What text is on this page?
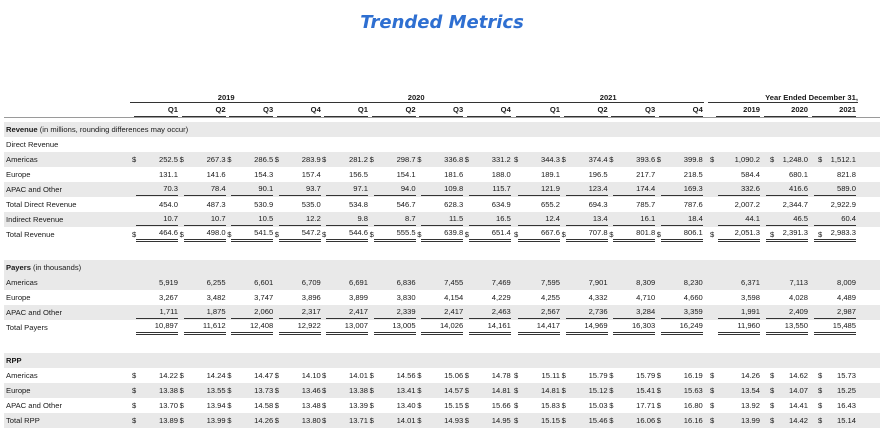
Trended Metrics
2019	2020	2021	Year Ended December 31,
Q1	Q2	Q3	Q4	Q1	Q2	Q3	Q4	Q1	Q2	Q3	Q4	2019	2020	2021
Revenue (in millions, rounding differences may occur)
Direct Revenue
Americas	$	252.5 $	267.3 $	286.5 $	283.9 $	281.2 $	298.7 $	336.8 $	331.2 $	344.3 $	374.4 $	393.6 $	399.8 $	1,090.2 $	1,248.0 $	1,512.1
Europe	131.1	141.6	154.3	157.4	156.5	154.1	181.6	188.0	189.1	196.5	217.7	218.5	584.4	680.1	821.8
APAC and Other	70.3	78.4	90.1	93.7	97.1	94.0	109.8	115.7	121.9	123.4	174.4	169.3	332.6	416.6	589.0
Total Direct Revenue	454.0	487.3	530.9	535.0	534.8	546.7	628.3	634.9	655.2	694.3	785.7	787.6	2,007.2	2,344.7	2,922.9
Indirect Revenue	10.7	10.7	10.5	12.2	9.8	8.7	11.5	16.5	12.4	13.4	16.1	18.4	44.1	46.5	60.4
Total Revenue	$	464.6 $	498.0 $	541.5 $	547.2 $	544.6 $	555.5 $	639.8 $	651.4 $	667.6 $	707.8 $	801.8 $	806.1 $	2,051.3 $	2,391.3 $	2,983.3
Payers (in thousands)
Americas	5,919	6,255	6,601	6,709	6,691	6,836	7,455	7,469	7,595	7,901	8,309	8,230	6,371	7,113	8,009
Europe	3,267	3,482	3,747	3,896	3,899	3,830	4,154	4,229	4,255	4,332	4,710	4,660	3,598	4,028	4,489
APAC and Other	1,711	1,875	2,060	2,317	2,417	2,339	2,417	2,463	2,567	2,736	3,284	3,359	1,991	2,409	2,987
Total Payers	10,897	11,612	12,408	12,922	13,007	13,005	14,026	14,161	14,417	14,969	16,303	16,249	11,960	13,550	15,485
RPP
Americas	$	14.22 $	14.24 $	14.47 $	14.10 $	14.01 $	14.56 $	15.06 $	14.78 $	15.11 $	15.79 $	15.79 $	16.19 $	14.26 $	14.62 $	15.73
Europe	$	13.38 $	13.55 $	13.73 $	13.46 $	13.38 $	13.41 $	14.57 $	14.81 $	14.81 $	15.12 $	15.41 $	15.63 $	13.54 $	14.07 $	15.25
APAC and Other	$	13.70 $	13.94 $	14.58 $	13.48 $	13.39 $	13.40 $	15.15 $	15.66 $	15.83 $	15.03 $	17.71 $	16.80 $	13.92 $	14.41 $	16.43
Total RPP	$	13.89 $	13.99 $	14.26 $	13.80 $	13.71 $	14.01 $	14.93 $	14.95 $	15.15 $	15.46 $	16.06 $	16.16 $	13.99 $	14.42 $	15.14
